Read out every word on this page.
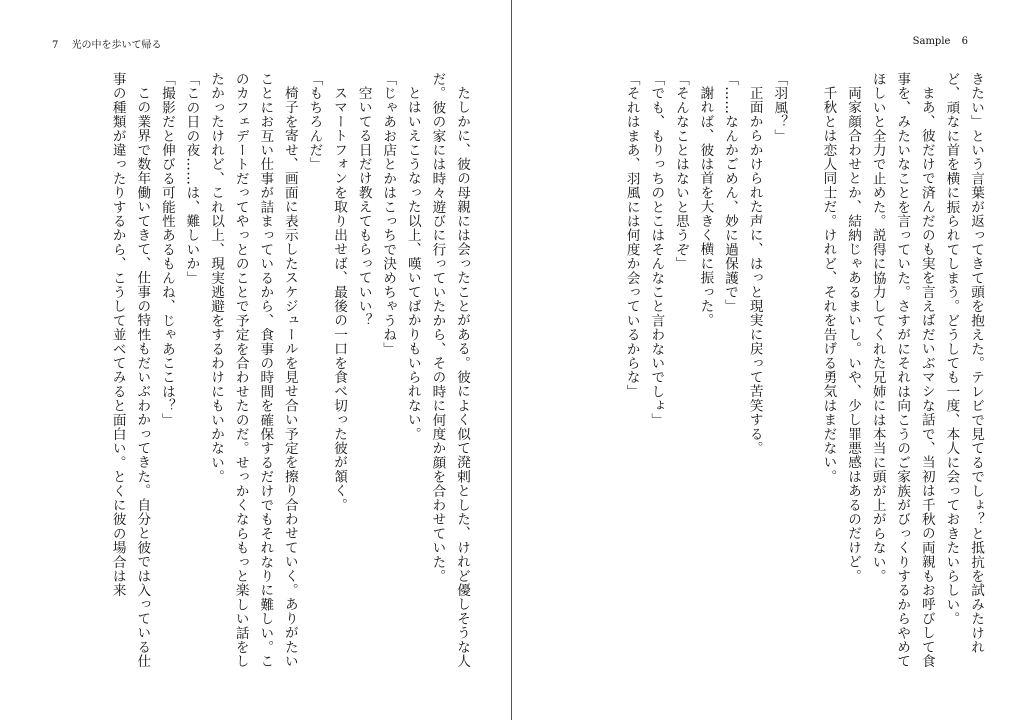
7 光の中を歩いて帰る

たしかに、彼の母親には会ったことがある。彼によく似て溌剌とした、けれど優しそうな人だ。彼の家には時々遊びに行っていたから、その時に何度か顔を合わせていた。

とはいえこうなった以上、嘆いてばかりもいられない。

「じゃあお店とかはこっちで決めちゃうね」

空いてる日だけ教えてもらっていい？

スマートフォンを取り出せば、最後の一口を食べ切った彼が頷く。

「もちろんだ」

椅子を寄せ、画面に表示したスケジュールを見せ合い予定を擦り合わせていく。ありがたいことにお互い仕事が詰まっているから、食事の時間を確保するだけでもそれなりに難しい。このカフェデートだってやっとのことで予定を合わせたのだ。せっかくならもっと楽しい話をしたかったけれど、これ以上、現実逃避をするわけにもいかない。

「この日の夜……は、難しいか」

「撮影だと伸びる可能性あるもんね、じゃあここは？」

この業界で数年働いてきて、仕事の特性もだいぶわかってきた。自分と彼では入っている仕事の種類が違ったりするから、こうして並べてみると面白い。とくに彼の場合は来

Sample 6

きたい」という言葉が返ってきて頭を抱えた。テレビで見てるでしょ？と抵抗を試みたけれど、頑なに首を横に振られてしまう。どうしても一度、本人に会っておきたいらしい。

まあ、彼だけで済んだのも実を言えばだいぶマシな話で、当初は千秋の両親もお呼びして食事を、みたいなことを言っていた。さすがにそれは向こうのご家族がびっくりするからやめてほしいと全力で止めた。説得に協力してくれた兄姉には本当に頭が上がらない。

両家顔合わせとか、結納じゃあるまいし。いや、少し罪悪感はあるのだけど。

千秋とは恋人同士だ。けれど、それを告げる勇気はまだない。

「羽風？」

正面からかけられた声に、はっと現実に戻って苦笑する。

「……なんかごめん、妙に過保護で」

謝れば、彼は首を大きく横に振った。

「そんなことはないと思うぞ」

「でも、もりっちのとこはそんなこと言わないでしょ」

「それはまあ、羽風には何度か会っているからな」
